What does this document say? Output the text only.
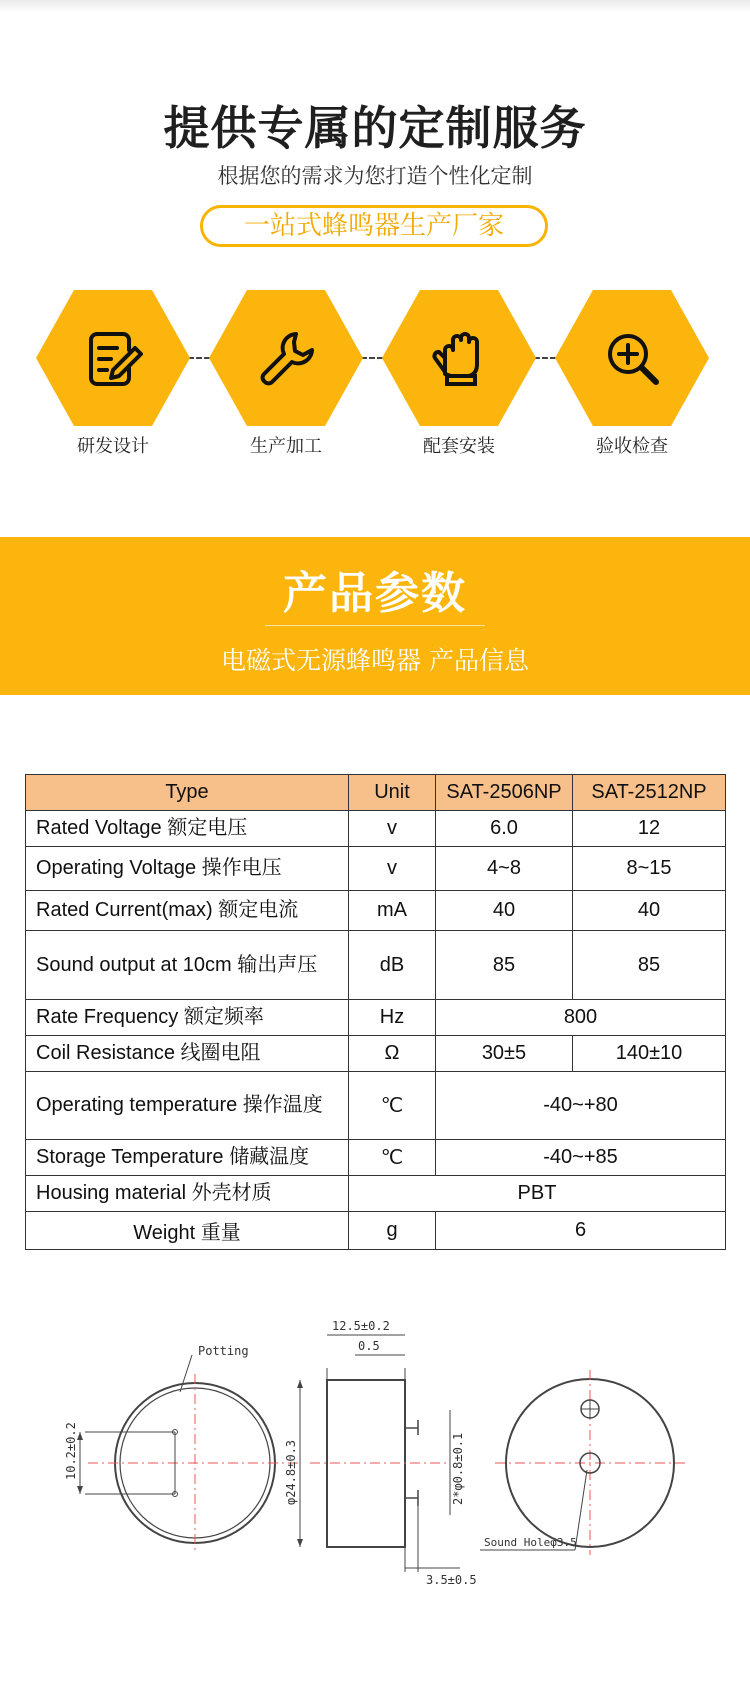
提供专属的定制服务
根据您的需求为您打造个性化定制
一站式蜂鸣器生产厂家
研发设计	生产加工	配套安装	验收检查
产品参数
电磁式无源蜂鸣器 产品信息
Type	Unit	SAT-2506NP	SAT-2512NP
Rated Voltage 额定电压	v	6.0	12
Operating Voltage 操作电压	v	4~8	8~15
Rated Current(max) 额定电流	mA	40	40
Sound output at 10cm 输出声压	dB	85	85
Rate Frequency 额定频率	Hz	800	
Coil Resistance 线圈电阻	Ω	30±5	140±10
Operating temperature 操作温度	℃	-40~+80	
Storage Temperature 储藏温度	℃	-40~+85	
Housing material 外壳材质	PBT		
Weight 重量	g	6	
10.2±0.2
Potting
12.5±0.2
0.5
φ24.8±0.3	2*φ0.8±0.1
3.5±0.5
Sound Holeφ3.5
